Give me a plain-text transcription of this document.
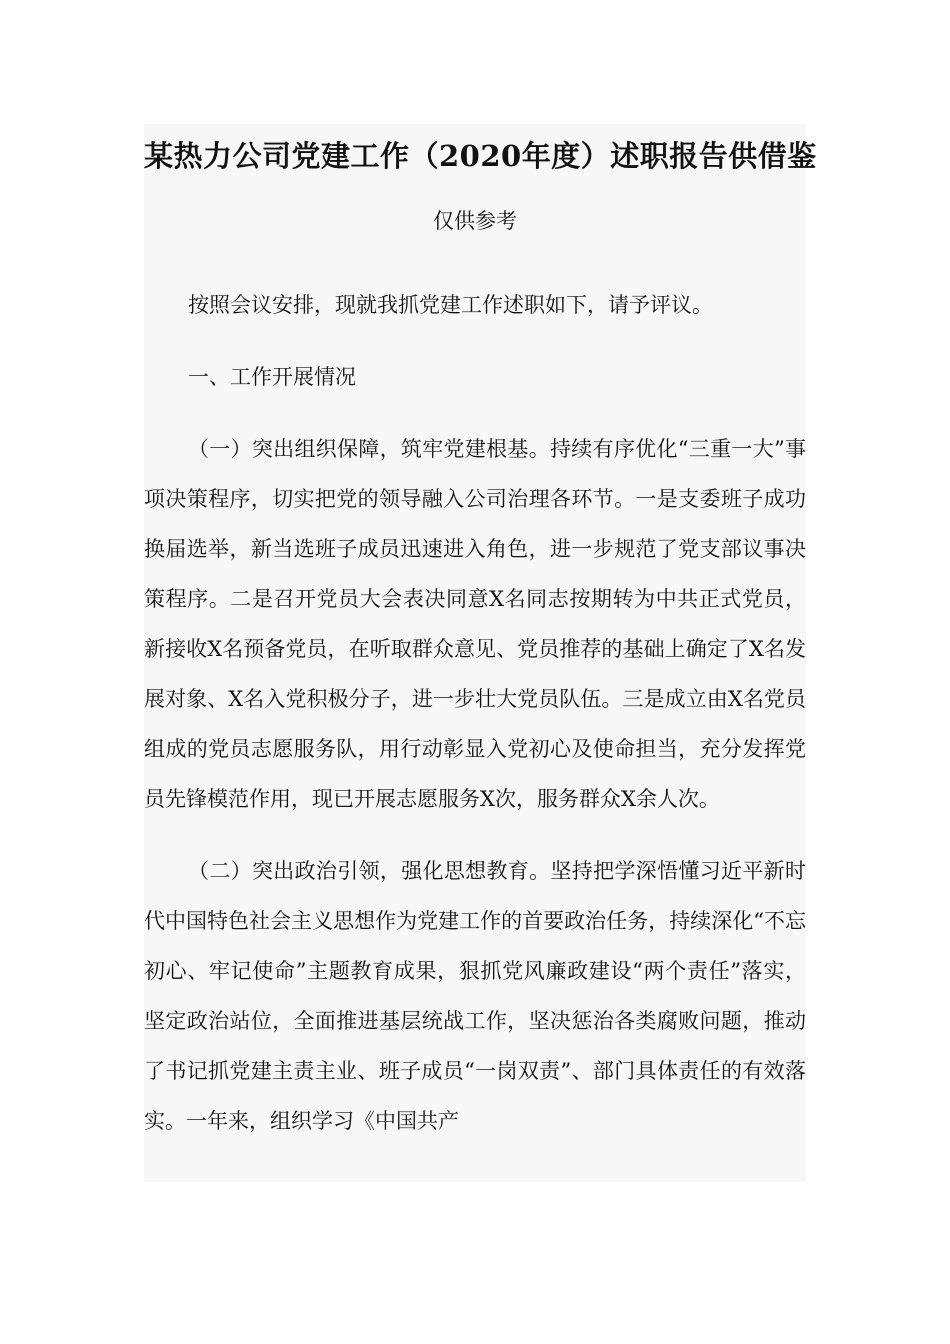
某热力公司党建工作（2020年度）述职报告供借鉴
仅供参考

按照会议安排，现就我抓党建工作述职如下，请予评议。

一、工作开展情况

（一）突出组织保障，筑牢党建根基。持续有序优化“三重一大”事项决策程序，切实把党的领导融入公司治理各环节。一是支委班子成功换届选举，新当选班子成员迅速进入角色，进一步规范了党支部议事决策程序。二是召开党员大会表决同意X名同志按期转为中共正式党员，新接收X名预备党员，在听取群众意见、党员推荐的基础上确定了X名发展对象、X名入党积极分子，进一步壮大党员队伍。三是成立由X名党员组成的党员志愿服务队，用行动彰显入党初心及使命担当，充分发挥党员先锋模范作用，现已开展志愿服务X次，服务群众X余人次。

（二）突出政治引领，强化思想教育。坚持把学深悟懂习近平新时代中国特色社会主义思想作为党建工作的首要政治任务，持续深化“不忘初心、牢记使命”主题教育成果，狠抓党风廉政建设“两个责任”落实，坚定政治站位，全面推进基层统战工作，坚决惩治各类腐败问题，推动了书记抓党建主责主业、班子成员“一岗双责”、部门具体责任的有效落实。一年来，组织学习《中国共产
